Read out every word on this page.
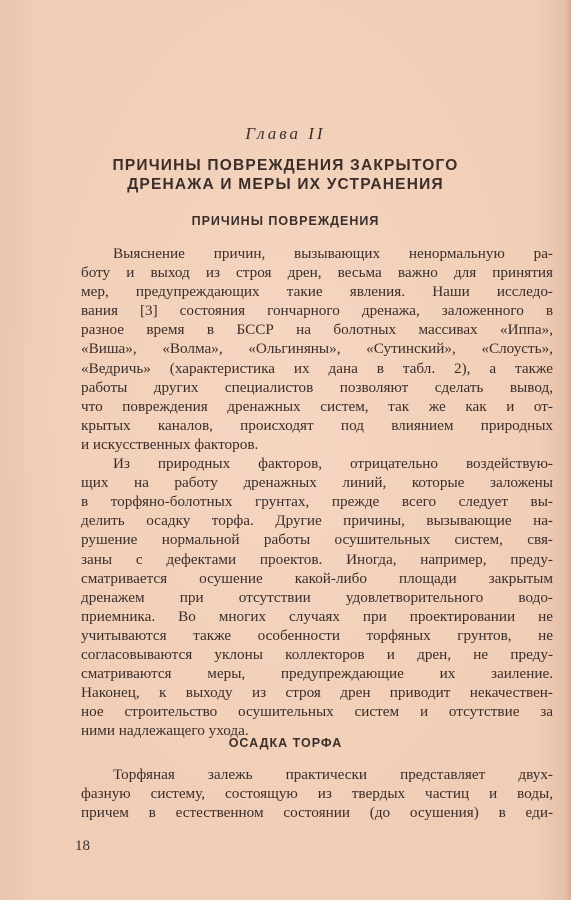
Глава II
ПРИЧИНЫ ПОВРЕЖДЕНИЯ ЗАКРЫТОГО
ДРЕНАЖА И МЕРЫ ИХ УСТРАНЕНИЯ
ПРИЧИНЫ ПОВРЕЖДЕНИЯ
Выяснение причин, вызывающих ненормальную ра-
боту и выход из строя дрен, весьма важно для принятия
мер, предупреждающих такие явления. Наши исследо-
вания [3] состояния гончарного дренажа, заложенного в
разное время в БССР на болотных массивах «Иппа»,
«Виша», «Волма», «Ольгиняны», «Сутинский», «Слоусть»,
«Ведричь» (характеристика их дана в табл. 2), а также
работы других специалистов позволяют сделать вывод,
что повреждения дренажных систем, так же как и от-
крытых каналов, происходят под влиянием природных
и искусственных факторов.
Из природных факторов, отрицательно воздействую-
щих на работу дренажных линий, которые заложены
в торфяно-болотных грунтах, прежде всего следует вы-
делить осадку торфа. Другие причины, вызывающие на-
рушение нормальной работы осушительных систем, свя-
заны с дефектами проектов. Иногда, например, преду-
сматривается осушение какой-либо площади закрытым
дренажем при отсутствии удовлетворительного водо-
приемника. Во многих случаях при проектировании не
учитываются также особенности торфяных грунтов, не
согласовываются уклоны коллекторов и дрен, не преду-
сматриваются меры, предупреждающие их заиление.
Наконец, к выходу из строя дрен приводит некачествен-
ное строительство осушительных систем и отсутствие за
ними надлежащего ухода.
ОСАДКА ТОРФА
Торфяная залежь практически представляет двух-
фазную систему, состоящую из твердых частиц и воды,
причем в естественном состоянии (до осушения) в еди-
18
